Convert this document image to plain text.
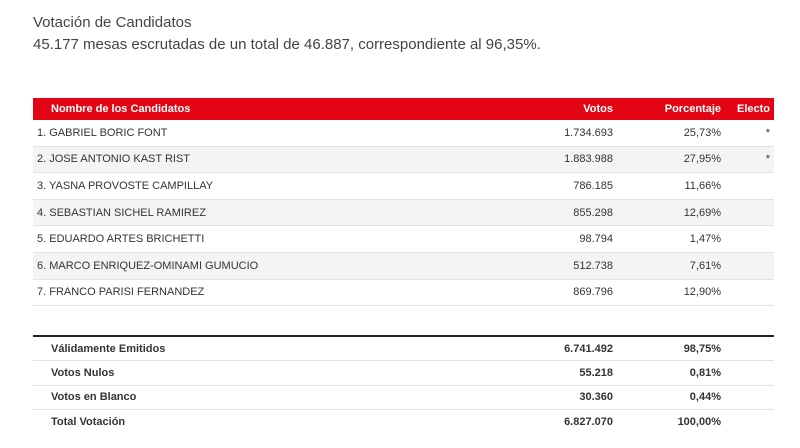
Votación de Candidatos
45.177 mesas escrutadas de un total de 46.887, correspondiente al 96,35%.
Nombre de los Candidatos	Votos	Porcentaje	Electo
1. GABRIEL BORIC FONT	1.734.693	25,73%	*
2. JOSE ANTONIO KAST RIST	1.883.988	27,95%	*
3. YASNA PROVOSTE CAMPILLAY	786.185	11,66%
4. SEBASTIAN SICHEL RAMIREZ	855.298	12,69%
5. EDUARDO ARTES BRICHETTI	98.794	1,47%
6. MARCO ENRIQUEZ-OMINAMI GUMUCIO	512.738	7,61%
7. FRANCO PARISI FERNANDEZ	869.796	12,90%
Válidamente Emitidos	6.741.492	98,75%
Votos Nulos	55.218	0,81%
Votos en Blanco	30.360	0,44%
Total Votación	6.827.070	100,00%
